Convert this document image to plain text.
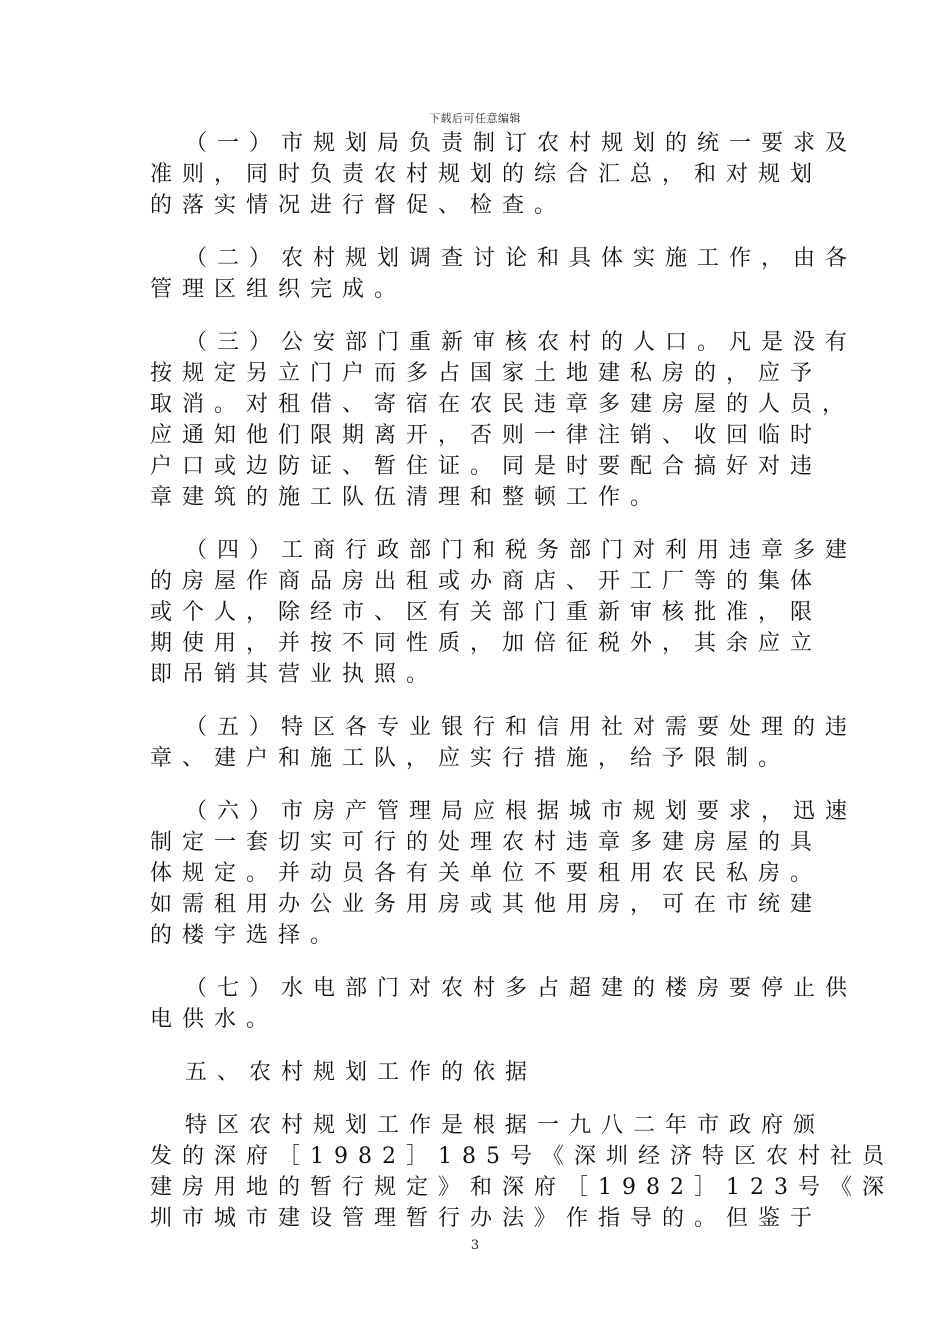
下载后可任意编辑
（一）市规划局负责制订农村规划的统一要求及
准则，同时负责农村规划的综合汇总，和对规划
的落实情况进行督促、检查。
（二）农村规划调查讨论和具体实施工作，由各
管理区组织完成。
（三）公安部门重新审核农村的人口。凡是没有
按规定另立门户而多占国家土地建私房的，应予
取消。对租借、寄宿在农民违章多建房屋的人员，
应通知他们限期离开，否则一律注销、收回临时
户口或边防证、暂住证。同是时要配合搞好对违
章建筑的施工队伍清理和整顿工作。
（四）工商行政部门和税务部门对利用违章多建
的房屋作商品房出租或办商店、开工厂等的集体
或个人，除经市、区有关部门重新审核批准，限
期使用，并按不同性质，加倍征税外，其余应立
即吊销其营业执照。
（五）特区各专业银行和信用社对需要处理的违
章、建户和施工队，应实行措施，给予限制。
（六）市房产管理局应根据城市规划要求，迅速
制定一套切实可行的处理农村违章多建房屋的具
体规定。并动员各有关单位不要租用农民私房。
如需租用办公业务用房或其他用房，可在市统建
的楼宇选择。
（七）水电部门对农村多占超建的楼房要停止供
电供水。
五、农村规划工作的依据
特区农村规划工作是根据一九八二年市政府颁
发的深府［1982］185号《深圳经济特区农村社员
建房用地的暂行规定》和深府［1982］123号《深
圳市城市建设管理暂行办法》作指导的。但鉴于
3
